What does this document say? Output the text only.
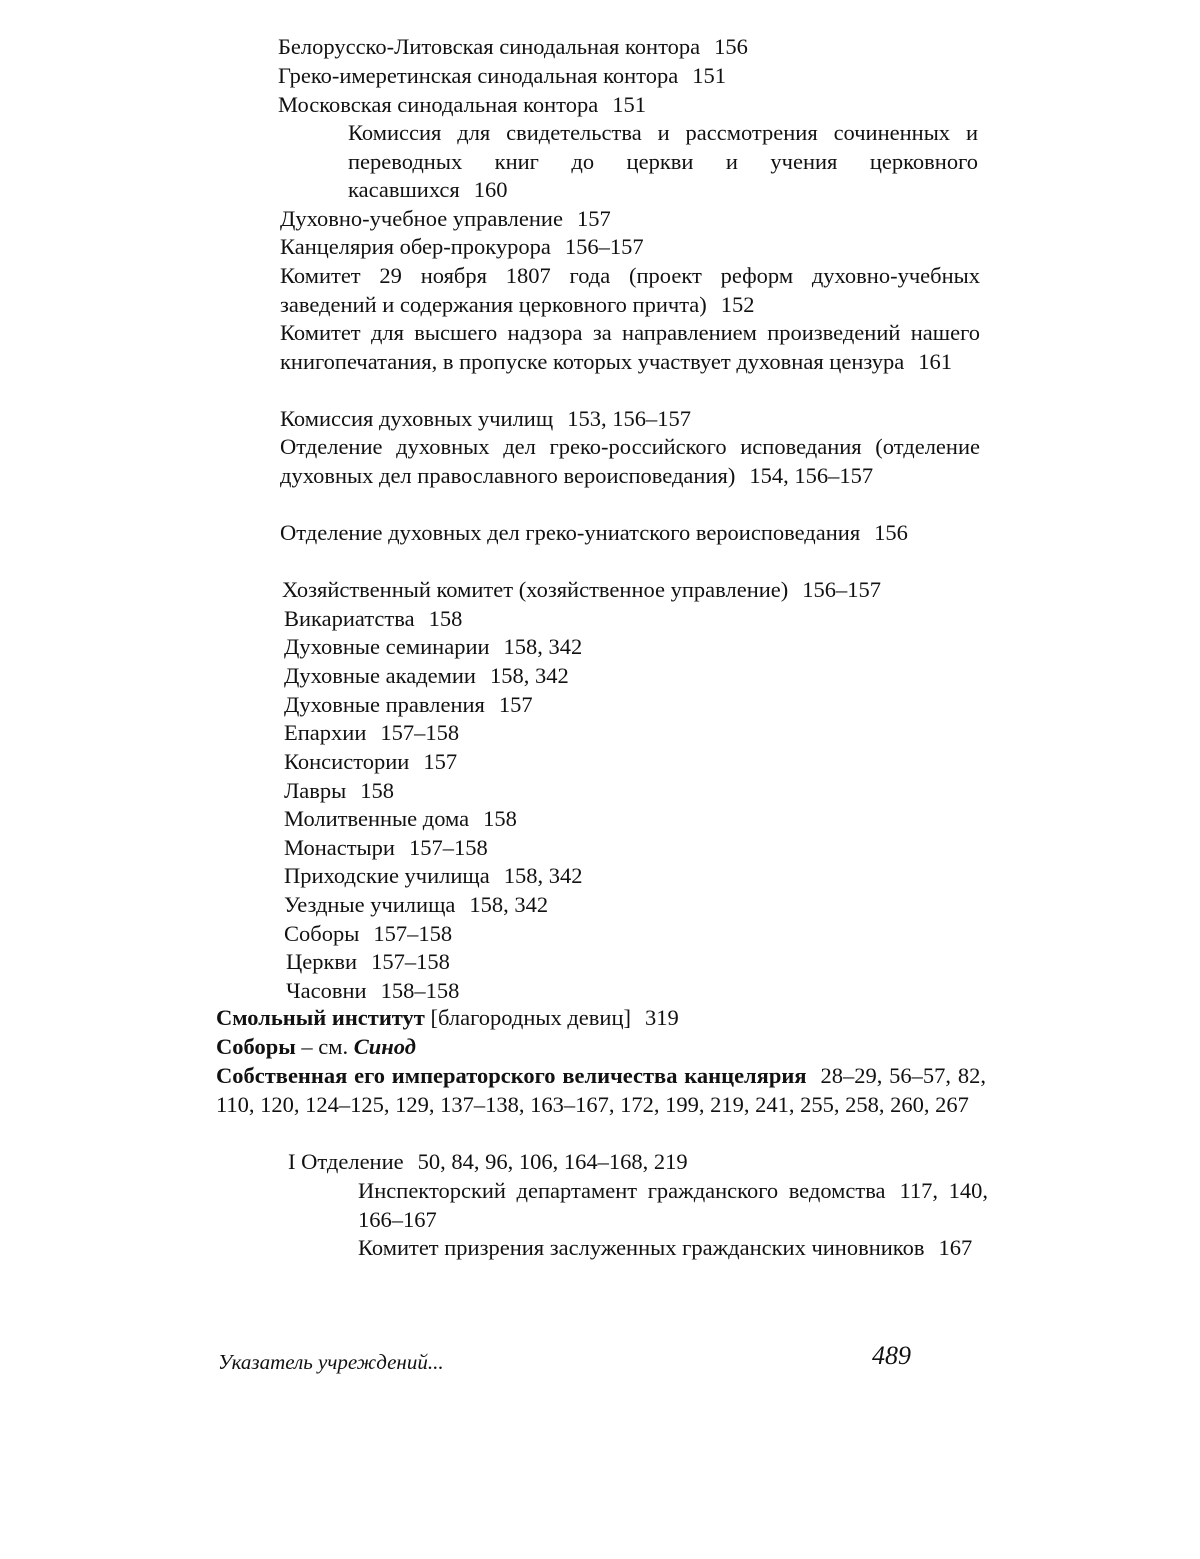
Белорусско-Литовская синодальная контора 156
Греко-имеретинская синодальная контора 151
Московская синодальная контора 151
Комиссия для свидетельства и рассмотрения сочиненных и переводных книг до церкви и учения церковного касавшихся 160
Духовно-учебное управление 157
Канцелярия обер-прокурора 156–157
Комитет 29 ноября 1807 года (проект реформ духовно-учебных заведений и содержания церковного причта) 152
Комитет для высшего надзора за направлением произведений нашего книгопечатания, в пропуске которых участвует духовная цензура 161
Комиссия духовных училищ 153, 156–157
Отделение духовных дел греко-российского исповедания (отделение духовных дел православного вероисповедания) 154, 156–157
Отделение духовных дел греко-униатского вероисповедания 156
Хозяйственный комитет (хозяйственное управление) 156–157
Викариатства 158
Духовные семинарии 158, 342
Духовные академии 158, 342
Духовные правления 157
Епархии 157–158
Консистории 157
Лавры 158
Молитвенные дома 158
Монастыри 157–158
Приходские училища 158, 342
Уездные училища 158, 342
Соборы 157–158
Церкви 157–158
Часовни 158–158
Смольный институт [благородных девиц] 319
Соборы – см. Синод
Собственная его императорского величества канцелярия 28–29, 56–57, 82, 110, 120, 124–125, 129, 137–138, 163–167, 172, 199, 219, 241, 255, 258, 260, 267
I Отделение 50, 84, 96, 106, 164–168, 219
Инспекторский департамент гражданского ведомства 117, 140, 166–167
Комитет призрения заслуженных гражданских чиновников 167
Указатель учреждений...	489
